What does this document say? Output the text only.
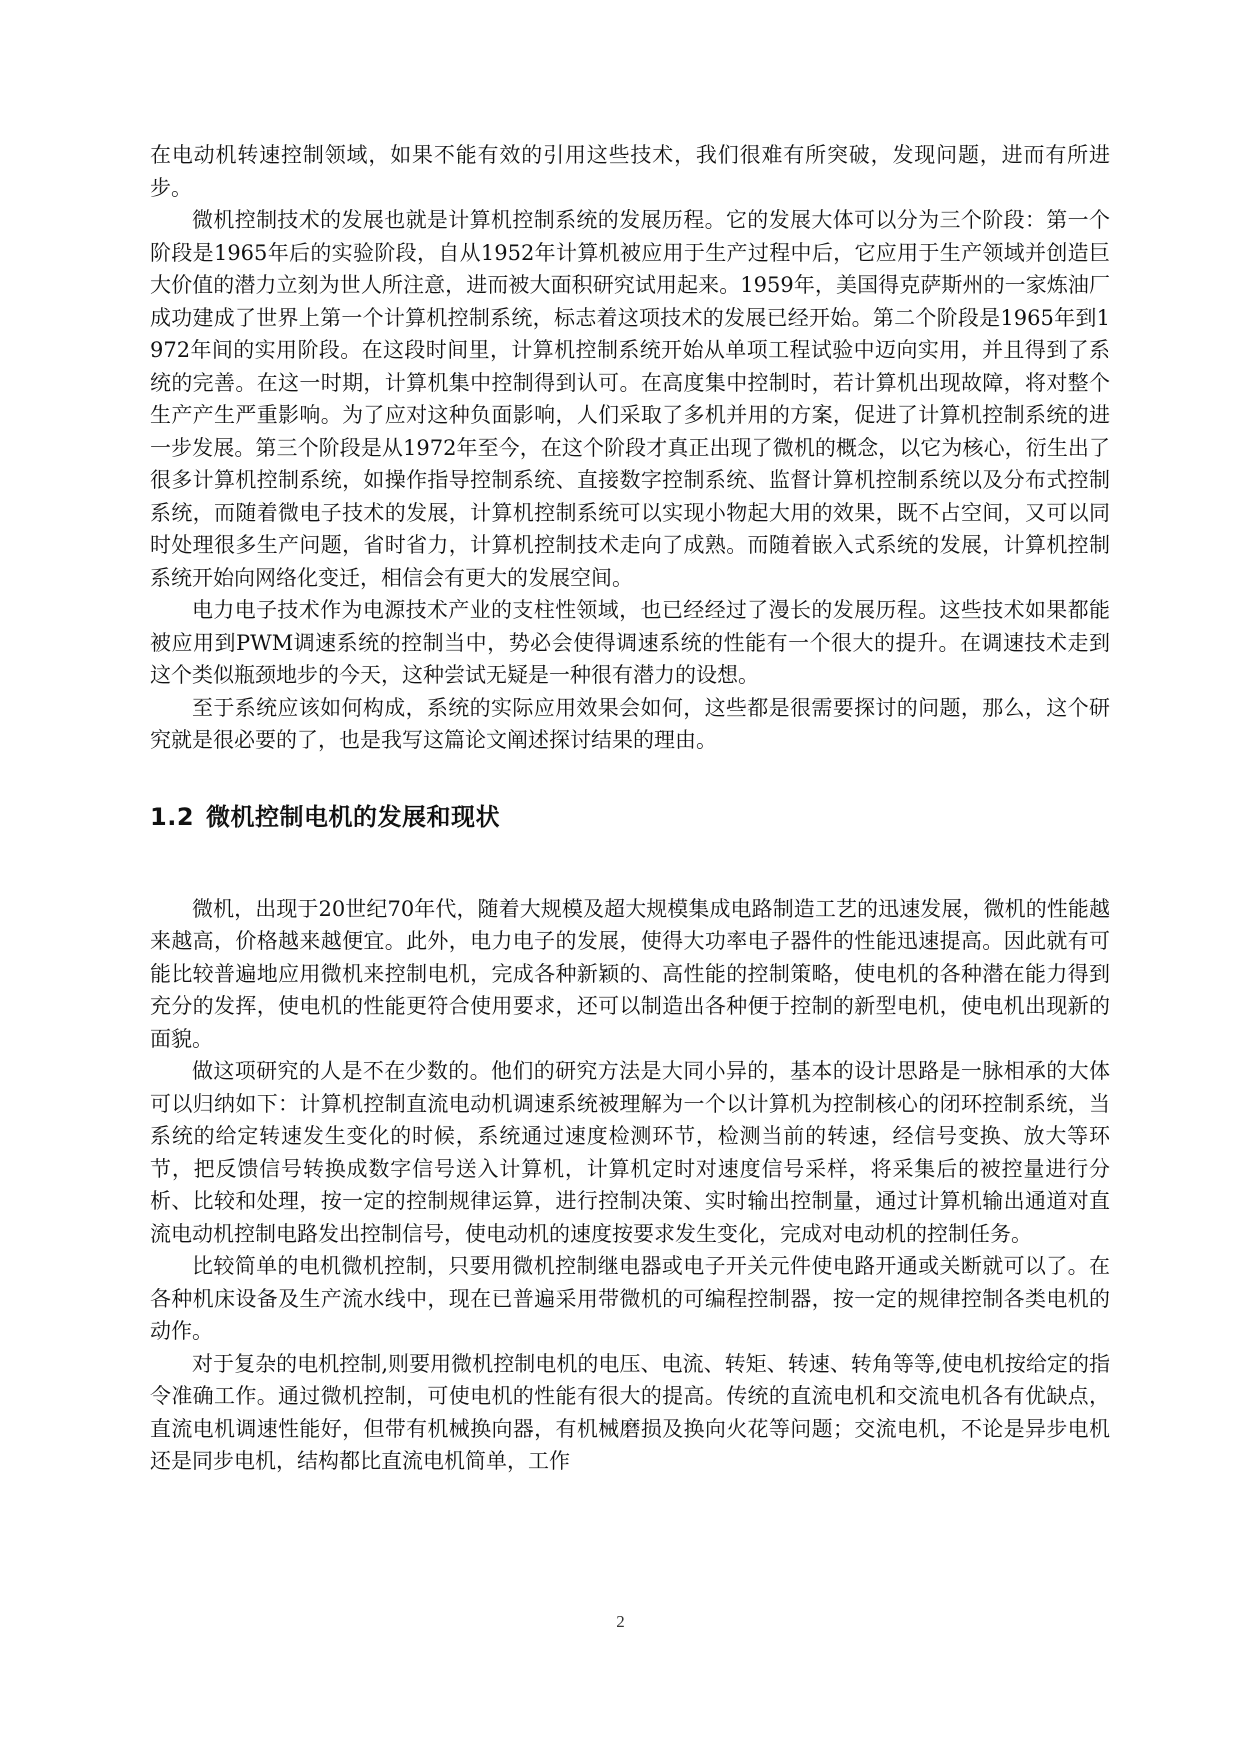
在电动机转速控制领域，如果不能有效的引用这些技术，我们很难有所突破，发现问题，进而有所进步。

微机控制技术的发展也就是计算机控制系统的发展历程。它的发展大体可以分为三个阶段：第一个阶段是1965年后的实验阶段，自从1952年计算机被应用于生产过程中后，它应用于生产领域并创造巨大价值的潜力立刻为世人所注意，进而被大面积研究试用起来。1959年，美国得克萨斯州的一家炼油厂成功建成了世界上第一个计算机控制系统，标志着这项技术的发展已经开始。第二个阶段是1965年到1972年间的实用阶段。在这段时间里，计算机控制系统开始从单项工程试验中迈向实用，并且得到了系统的完善。在这一时期，计算机集中控制得到认可。在高度集中控制时，若计算机出现故障，将对整个生产产生严重影响。为了应对这种负面影响，人们采取了多机并用的方案，促进了计算机控制系统的进一步发展。第三个阶段是从1972年至今，在这个阶段才真正出现了微机的概念，以它为核心，衍生出了很多计算机控制系统，如操作指导控制系统、直接数字控制系统、监督计算机控制系统以及分布式控制系统，而随着微电子技术的发展，计算机控制系统可以实现小物起大用的效果，既不占空间，又可以同时处理很多生产问题，省时省力，计算机控制技术走向了成熟。而随着嵌入式系统的发展，计算机控制系统开始向网络化变迁，相信会有更大的发展空间。

电力电子技术作为电源技术产业的支柱性领域，也已经经过了漫长的发展历程。这些技术如果都能被应用到PWM调速系统的控制当中，势必会使得调速系统的性能有一个很大的提升。在调速技术走到这个类似瓶颈地步的今天，这种尝试无疑是一种很有潜力的设想。

至于系统应该如何构成，系统的实际应用效果会如何，这些都是很需要探讨的问题，那么，这个研究就是很必要的了，也是我写这篇论文阐述探讨结果的理由。

1.2 微机控制电机的发展和现状

微机，出现于20世纪70年代，随着大规模及超大规模集成电路制造工艺的迅速发展，微机的性能越来越高，价格越来越便宜。此外，电力电子的发展，使得大功率电子器件的性能迅速提高。因此就有可能比较普遍地应用微机来控制电机，完成各种新颖的、高性能的控制策略，使电机的各种潜在能力得到充分的发挥，使电机的性能更符合使用要求，还可以制造出各种便于控制的新型电机，使电机出现新的面貌。

做这项研究的人是不在少数的。他们的研究方法是大同小异的，基本的设计思路是一脉相承的大体可以归纳如下：计算机控制直流电动机调速系统被理解为一个以计算机为控制核心的闭环控制系统，当系统的给定转速发生变化的时候，系统通过速度检测环节，检测当前的转速，经信号变换、放大等环节，把反馈信号转换成数字信号送入计算机，计算机定时对速度信号采样，将采集后的被控量进行分析、比较和处理，按一定的控制规律运算，进行控制决策、实时输出控制量，通过计算机输出通道对直流电动机控制电路发出控制信号，使电动机的速度按要求发生变化，完成对电动机的控制任务。

比较简单的电机微机控制，只要用微机控制继电器或电子开关元件使电路开通或关断就可以了。在各种机床设备及生产流水线中，现在已普遍采用带微机的可编程控制器，按一定的规律控制各类电机的动作。

对于复杂的电机控制,则要用微机控制电机的电压、电流、转矩、转速、转角等等,使电机按给定的指令准确工作。通过微机控制，可使电机的性能有很大的提高。传统的直流电机和交流电机各有优缺点，直流电机调速性能好，但带有机械换向器，有机械磨损及换向火花等问题；交流电机，不论是异步电机还是同步电机，结构都比直流电机简单，工作

2
